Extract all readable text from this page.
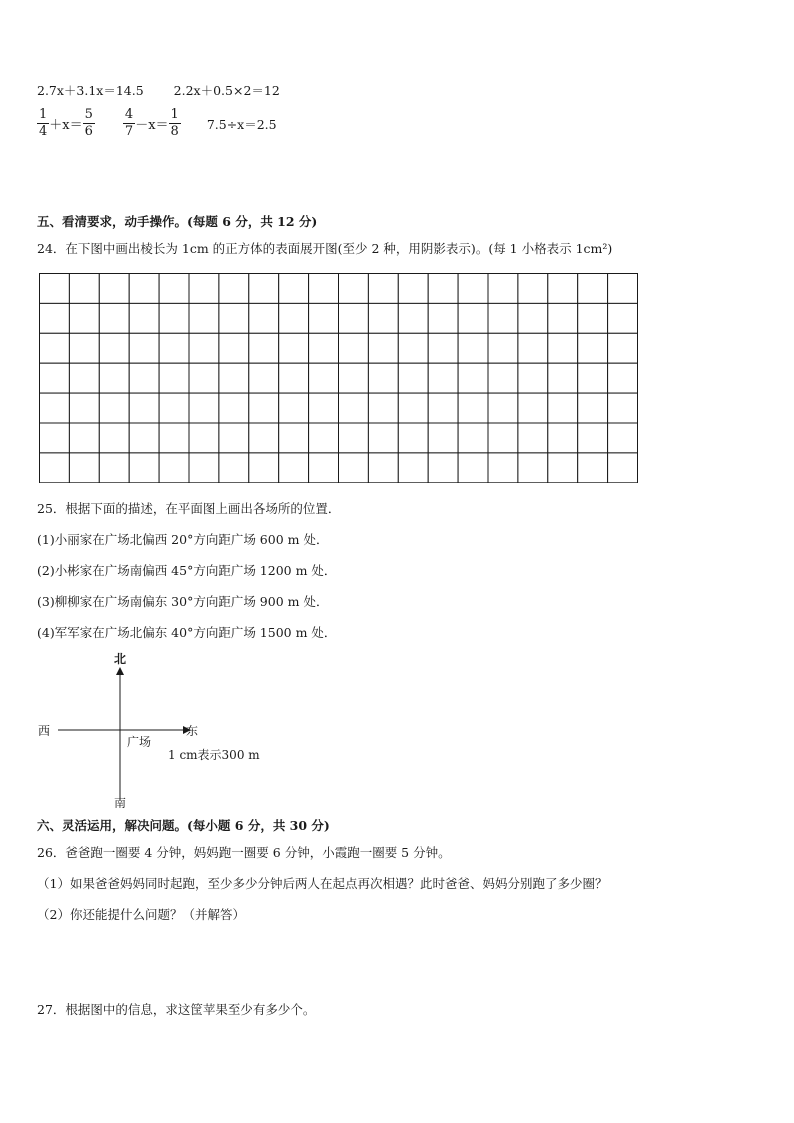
2.7x＋3.1x＝14.5 2.2x＋0.5×2＝12
$\frac{1}{4} +x= \frac{5}{6} \frac{4}{7} -x= \frac{1}{8} 7.5\div x=2.5$
五、看清要求，动手操作。(每题 6 分，共 12 分)
24．在下图中画出棱长为 1cm 的正方体的表面展开图(至少 2 种，用阴影表示)。(每 1 小格表示 1cm²)
25．根据下面的描述，在平面图上画出各场所的位置．
(1)小丽家在广场北偏西 20°方向距广场 600 m 处．
(2)小彬家在广场南偏西 45°方向距广场 1200 m 处．
(3)柳柳家在广场南偏东 30°方向距广场 900 m 处．
(4)军军家在广场北偏东 40°方向距广场 1500 m 处．
北
南
西	东
广场
1 cm表示300 m
六、灵活运用，解决问题。(每小题 6 分，共 30 分)
26．爸爸跑一圈要 4 分钟，妈妈跑一圈要 6 分钟，小霞跑一圈要 5 分钟。
（1）如果爸爸妈妈同时起跑，至少多少分钟后两人在起点再次相遇？此时爸爸、妈妈分别跑了多少圈？
（2）你还能提什么问题？（并解答）
27．根据图中的信息，求这筐苹果至少有多少个。
